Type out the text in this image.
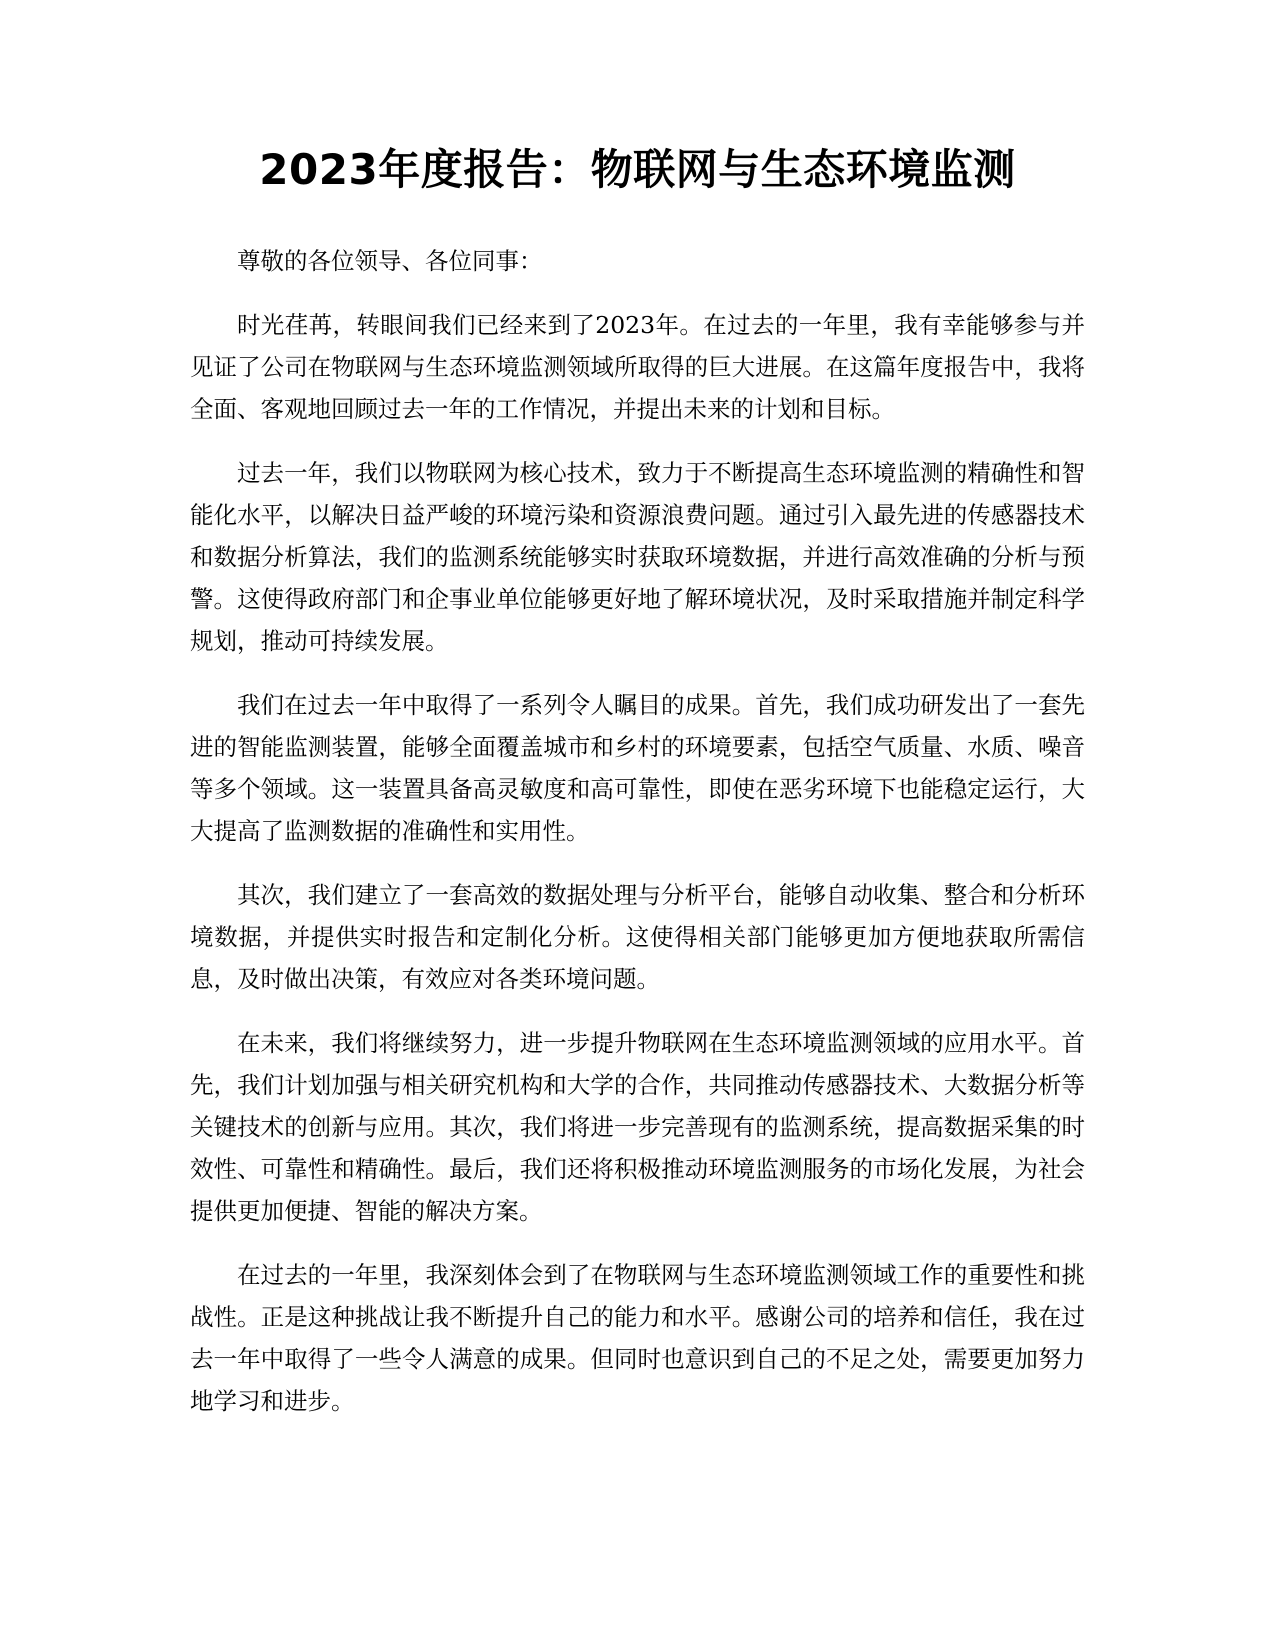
2023年度报告：物联网与生态环境监测

尊敬的各位领导、各位同事：

时光荏苒，转眼间我们已经来到了2023年。在过去的一年里，我有幸能够参与并见证了公司在物联网与生态环境监测领域所取得的巨大进展。在这篇年度报告中，我将全面、客观地回顾过去一年的工作情况，并提出未来的计划和目标。

过去一年，我们以物联网为核心技术，致力于不断提高生态环境监测的精确性和智能化水平，以解决日益严峻的环境污染和资源浪费问题。通过引入最先进的传感器技术和数据分析算法，我们的监测系统能够实时获取环境数据，并进行高效准确的分析与预警。这使得政府部门和企事业单位能够更好地了解环境状况，及时采取措施并制定科学规划，推动可持续发展。

我们在过去一年中取得了一系列令人瞩目的成果。首先，我们成功研发出了一套先进的智能监测装置，能够全面覆盖城市和乡村的环境要素，包括空气质量、水质、噪音等多个领域。这一装置具备高灵敏度和高可靠性，即使在恶劣环境下也能稳定运行，大大提高了监测数据的准确性和实用性。

其次，我们建立了一套高效的数据处理与分析平台，能够自动收集、整合和分析环境数据，并提供实时报告和定制化分析。这使得相关部门能够更加方便地获取所需信息，及时做出决策，有效应对各类环境问题。

在未来，我们将继续努力，进一步提升物联网在生态环境监测领域的应用水平。首先，我们计划加强与相关研究机构和大学的合作，共同推动传感器技术、大数据分析等关键技术的创新与应用。其次，我们将进一步完善现有的监测系统，提高数据采集的时效性、可靠性和精确性。最后，我们还将积极推动环境监测服务的市场化发展，为社会提供更加便捷、智能的解决方案。

在过去的一年里，我深刻体会到了在物联网与生态环境监测领域工作的重要性和挑战性。正是这种挑战让我不断提升自己的能力和水平。感谢公司的培养和信任，我在过去一年中取得了一些令人满意的成果。但同时也意识到自己的不足之处，需要更加努力地学习和进步。
